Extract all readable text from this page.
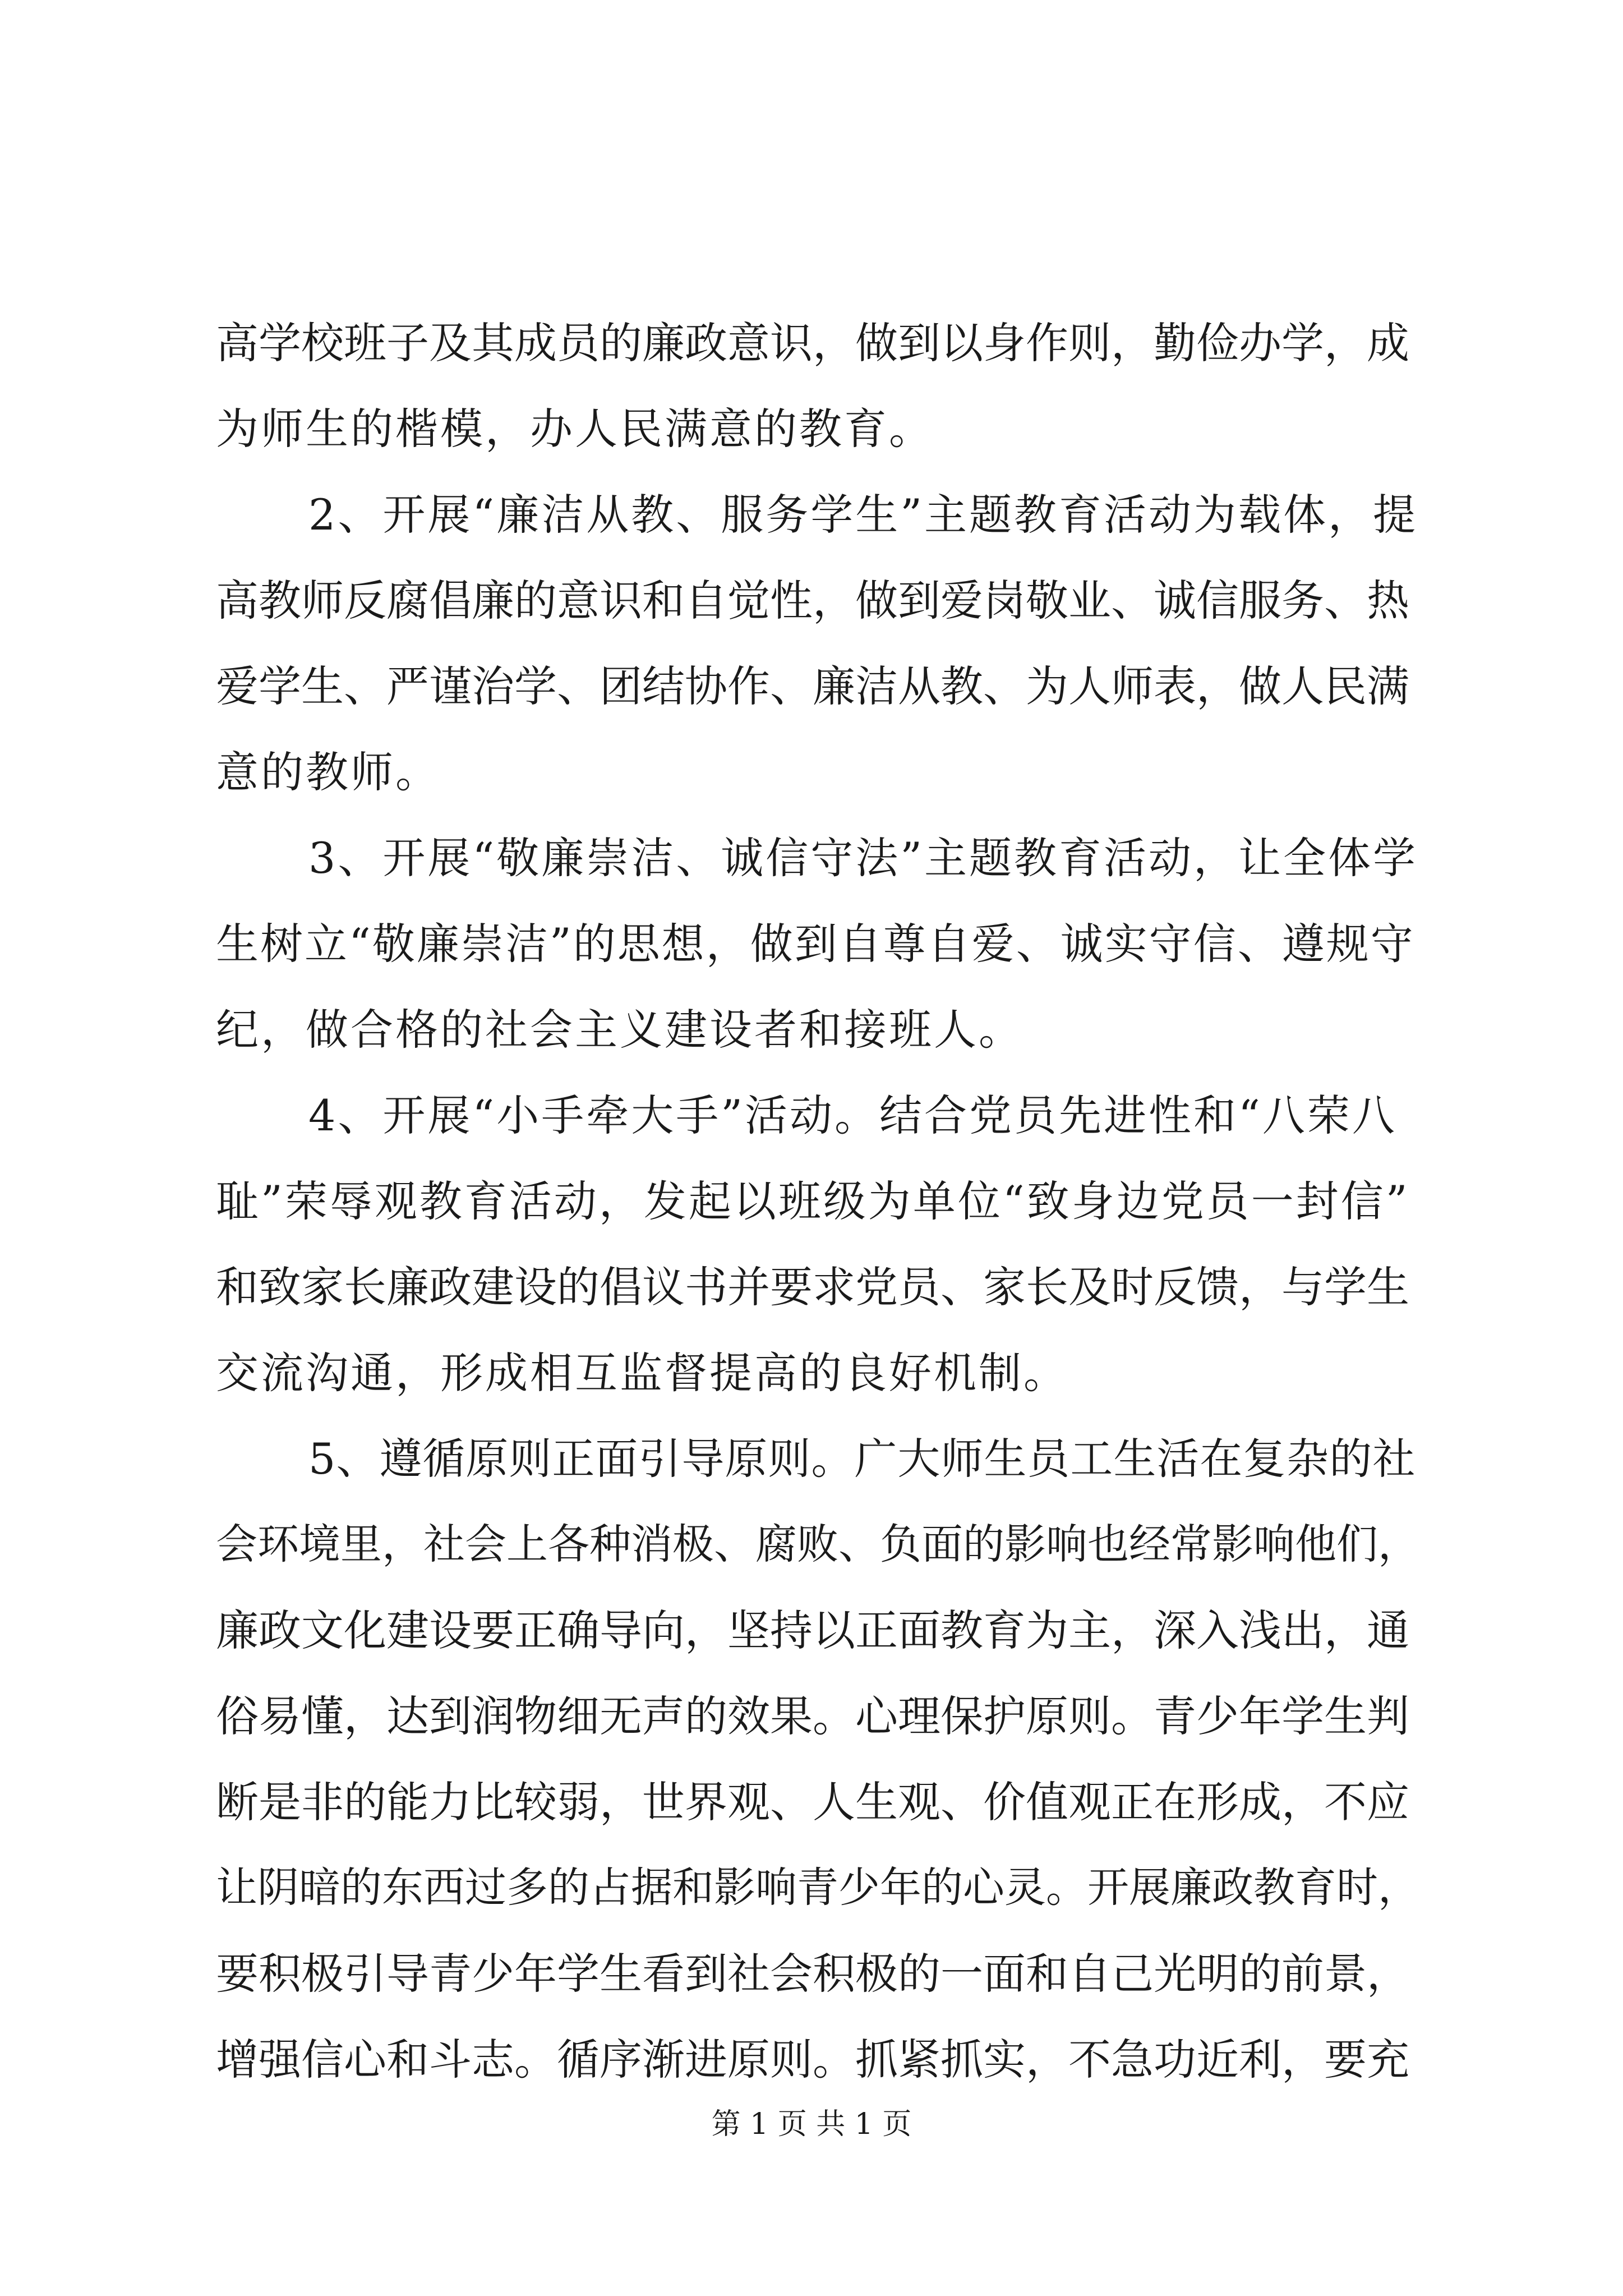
高学校班子及其成员的廉政意识，做到以身作则，勤俭办学，成
为师生的楷模，办人民满意的教育。
2、开展“廉洁从教、服务学生”主题教育活动为载体，提
高教师反腐倡廉的意识和自觉性，做到爱岗敬业、诚信服务、热
爱学生、严谨治学、团结协作、廉洁从教、为人师表，做人民满
意的教师。
3、开展“敬廉崇洁、诚信守法”主题教育活动，让全体学
生树立“敬廉崇洁”的思想，做到自尊自爱、诚实守信、遵规守
纪，做合格的社会主义建设者和接班人。
4、开展“小手牵大手”活动。结合党员先进性和“八荣八
耻”荣辱观教育活动，发起以班级为单位“致身边党员一封信”
和致家长廉政建设的倡议书并要求党员、家长及时反馈，与学生
交流沟通，形成相互监督提高的良好机制。
5、遵循原则正面引导原则。广大师生员工生活在复杂的社
会环境里，社会上各种消极、腐败、负面的影响也经常影响他们，
廉政文化建设要正确导向，坚持以正面教育为主，深入浅出，通
俗易懂，达到润物细无声的效果。心理保护原则。青少年学生判
断是非的能力比较弱，世界观、人生观、价值观正在形成，不应
让阴暗的东西过多的占据和影响青少年的心灵。开展廉政教育时，
要积极引导青少年学生看到社会积极的一面和自己光明的前景，
增强信心和斗志。循序渐进原则。抓紧抓实，不急功近利，要充
第 1 页 共 1 页
